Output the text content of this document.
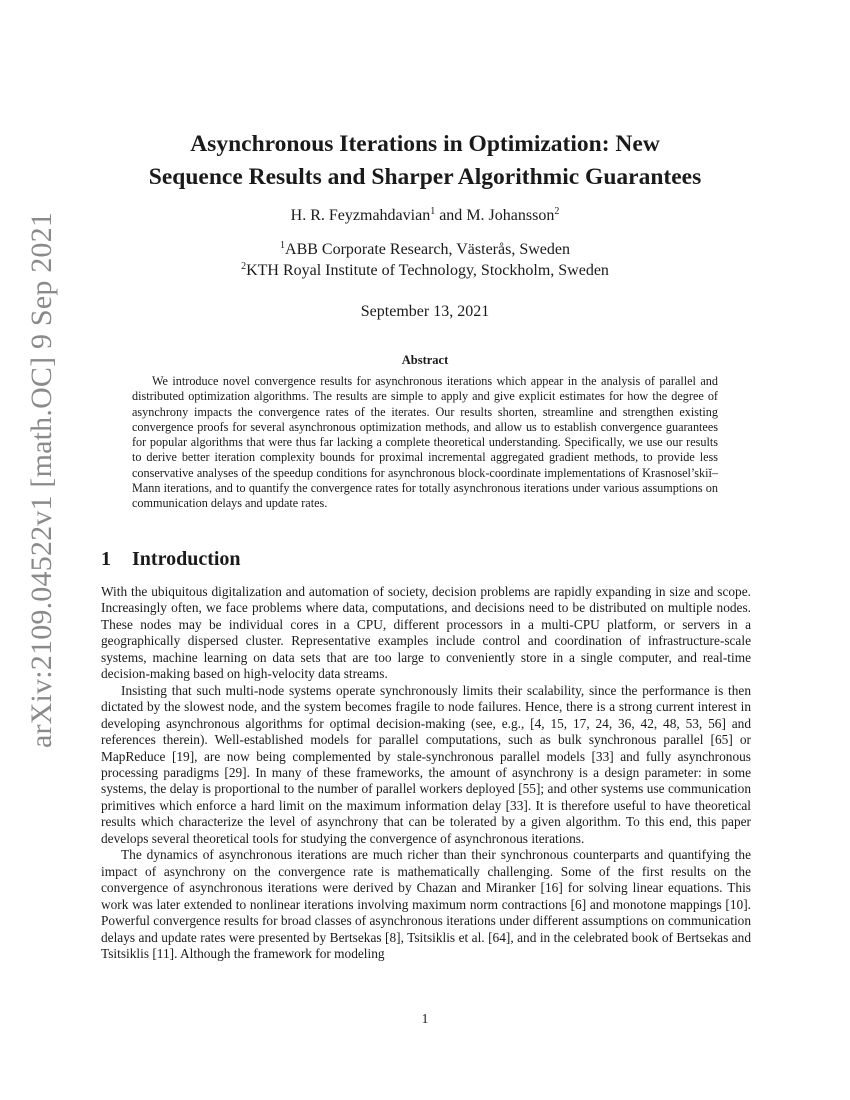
arXiv:2109.04522v1 [math.OC] 9 Sep 2021
Asynchronous Iterations in Optimization: New
Sequence Results and Sharper Algorithmic Guarantees
H. R. Feyzmahdavian$^1$ and M. Johansson$^2$
$^1$ABB Corporate Research, Västerås, Sweden
$^2$KTH Royal Institute of Technology, Stockholm, Sweden
September 13, 2021
Abstract

We introduce novel convergence results for asynchronous iterations which appear in the analysis of parallel and distributed optimization algorithms. The results are simple to apply and give explicit estimates for how the degree of asynchrony impacts the convergence rates of the iterates. Our results shorten, streamline and strengthen existing convergence proofs for several asynchronous optimization methods, and allow us to establish convergence guarantees for popular algorithms that were thus far lacking a complete theoretical understanding. Specifically, we use our results to derive better iteration complexity bounds for proximal incremental aggregated gradient methods, to provide less conservative analyses of the speedup conditions for asynchronous block-coordinate implementations of Krasnosel’skiĭ–Mann iterations, and to quantify the convergence rates for totally asynchronous iterations under various assumptions on communication delays and update rates.

1 Introduction

With the ubiquitous digitalization and automation of society, decision problems are rapidly expanding in size and scope. Increasingly often, we face problems where data, computations, and decisions need to be distributed on multiple nodes. These nodes may be individual cores in a CPU, different processors in a multi-CPU platform, or servers in a geographically dispersed cluster. Representative examples include control and coordination of infrastructure-scale systems, machine learning on data sets that are too large to conveniently store in a single computer, and real-time decision-making based on high-velocity data streams.

Insisting that such multi-node systems operate synchronously limits their scalability, since the performance is then dictated by the slowest node, and the system becomes fragile to node failures. Hence, there is a strong current interest in developing asynchronous algorithms for optimal decision-making (see, e.g., [4, 15, 17, 24, 36, 42, 48, 53, 56] and references therein). Well-established models for parallel computations, such as bulk synchronous parallel [65] or MapReduce [19], are now being complemented by stale-synchronous parallel models [33] and fully asynchronous processing paradigms [29]. In many of these frameworks, the amount of asynchrony is a design parameter: in some systems, the delay is proportional to the number of parallel workers deployed [55]; and other systems use communication primitives which enforce a hard limit on the maximum information delay [33]. It is therefore useful to have theoretical results which characterize the level of asynchrony that can be tolerated by a given algorithm. To this end, this paper develops several theoretical tools for studying the convergence of asynchronous iterations.

The dynamics of asynchronous iterations are much richer than their synchronous counterparts and quantifying the impact of asynchrony on the convergence rate is mathematically challenging. Some of the first results on the convergence of asynchronous iterations were derived by Chazan and Miranker [16] for solving linear equations. This work was later extended to nonlinear iterations involving maximum norm contractions [6] and monotone mappings [10]. Powerful convergence results for broad classes of asynchronous iterations under different assumptions on communication delays and update rates were presented by Bertsekas [8], Tsitsiklis et al. [64], and in the celebrated book of Bertsekas and Tsitsiklis [11]. Although the framework for modeling

1
